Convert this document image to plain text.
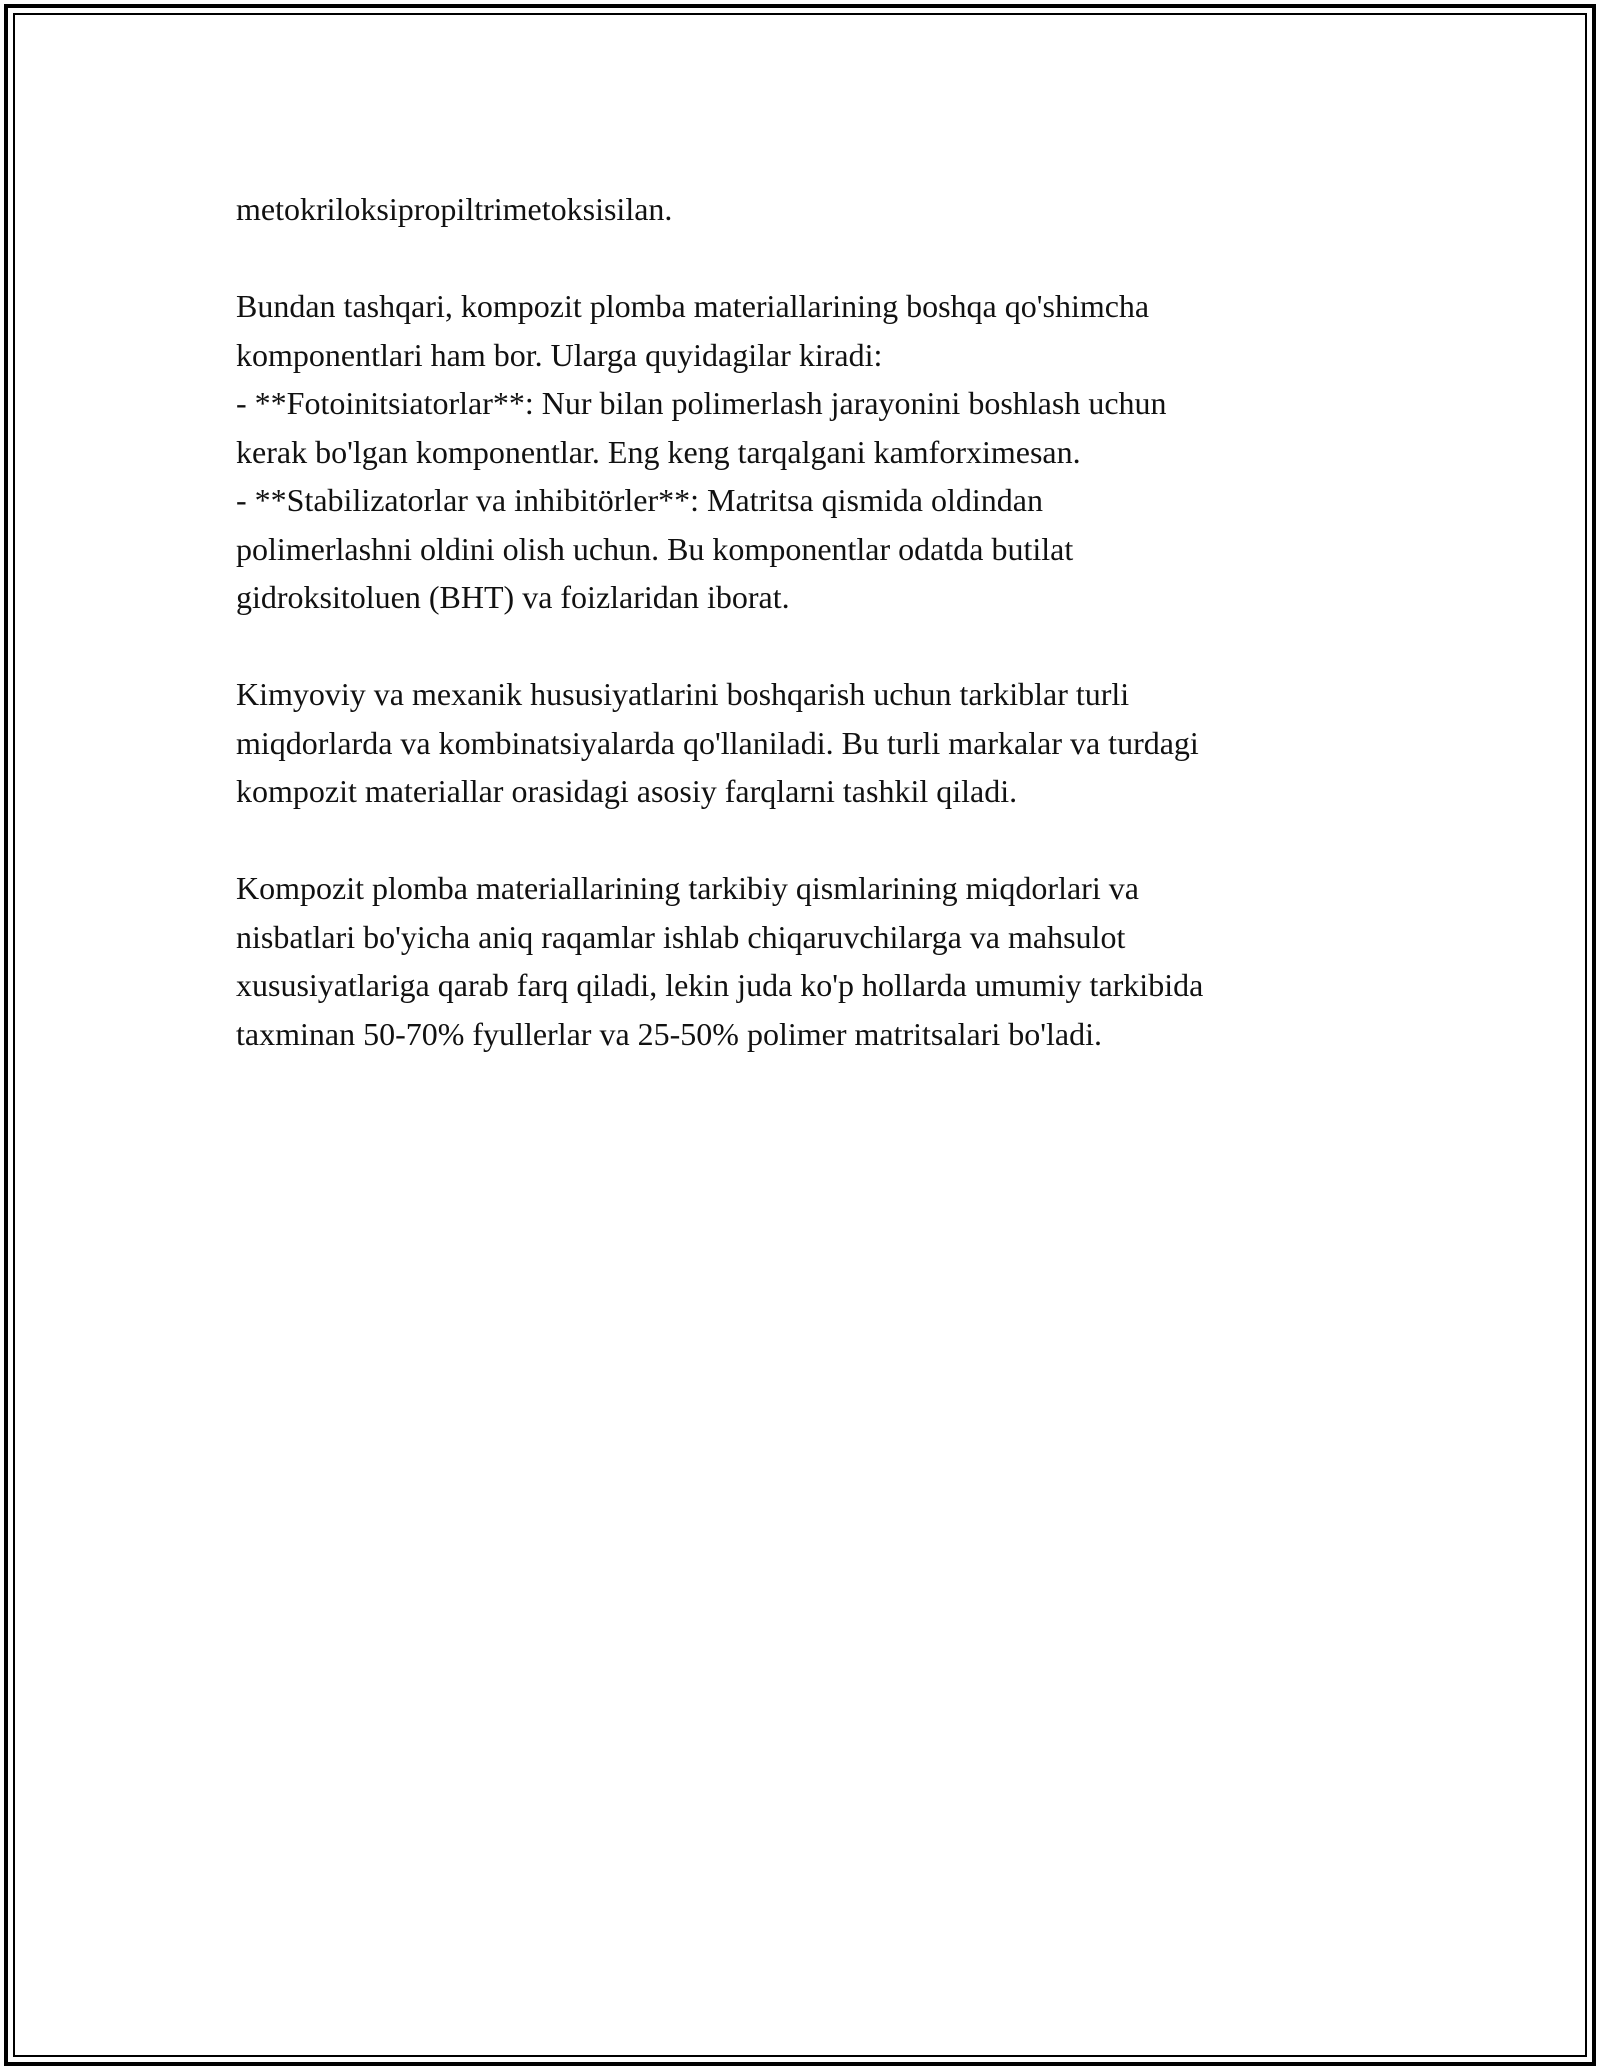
metokriloksipropiltrimetoksisilan.

Bundan tashqari, kompozit plomba materiallarining boshqa qo'shimcha
komponentlari ham bor. Ularga quyidagilar kiradi:
- **Fotoinitsiatorlar**: Nur bilan polimerlash jarayonini boshlash uchun
kerak bo'lgan komponentlar. Eng keng tarqalgani kamforximesan.
- **Stabilizatorlar va inhibitörler**: Matritsa qismida oldindan
polimerlashni oldini olish uchun. Bu komponentlar odatda butilat
gidroksitoluen (BHT) va foizlaridan iborat.

Kimyoviy va mexanik hususiyatlarini boshqarish uchun tarkiblar turli
miqdorlarda va kombinatsiyalarda qo'llaniladi. Bu turli markalar va turdagi
kompozit materiallar orasidagi asosiy farqlarni tashkil qiladi.

Kompozit plomba materiallarining tarkibiy qismlarining miqdorlari va
nisbatlari bo'yicha aniq raqamlar ishlab chiqaruvchilarga va mahsulot
xususiyatlariga qarab farq qiladi, lekin juda ko'p hollarda umumiy tarkibida
taxminan 50-70% fyullerlar va 25-50% polimer matritsalari bo'ladi.
